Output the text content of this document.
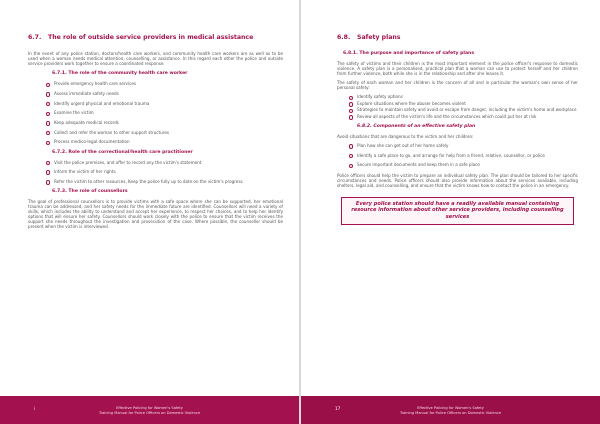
6.7. The role of outside service providers in medical assistance

In the event of any police station, doctors/health care workers, and community health care workers are as well as to be used when a woman needs medical attention, counselling, or assistance. In this regard each other the police and outside service providers work together to ensure a coordinated response.

6.7.1. The role of the community health care worker
Provide emergency health care services
Assess immediate safety needs
Identify urgent physical and emotional trauma
Examine the victim
Keep adequate medical records
Collect and refer the woman to other support structures
Process medico-legal documentation
6.7.2. Role of the correctional/health care practitioner
Visit the police premises, and offer to record any the victim's statement
Inform the victim of her rights
Refer the victim to other resources, Keep the police fully up to date on the victim's progress
6.7.3. The role of counsellors

The goal of professional counsellors is to provide victims with a safe space where she can be supported, her emotional trauma can be addressed, and her safety needs for the immediate future are identified. Counsellors will need a variety of skills, which includes the ability to understand and accept her experience, to respect her choices, and to help her identify options that will ensure her safety. Counsellors should work closely with the police to ensure that the victim receives the support she needs throughout the investigation and prosecution of the case. Where possible, the counsellor should be present when the victim is interviewed.

i	Effective Policing for Women's Safety
Training Manual for Police Officers on Domestic Violence
6.8. Safety plans
6.8.1. The purpose and importance of safety plans

The safety of victims and their children is the most important element in the police officer's response to domestic violence. A safety plan is a personalised, practical plan that a woman can use to protect herself and her children from further violence, both while she is in the relationship and after she leaves it.

The safety of each woman and her children is the concern of all and in particular the woman's own sense of her personal safety:

Identify safety options
Explore situations where the abuser becomes violent
Strategies to maintain safety and avoid or escape from danger, including the victim's home and workplace
Review all aspects of the victim's life and the circumstances which could put her at risk
6.8.2. Components of an effective safety plan

Avoid situations that are dangerous to the victim and her children:

Plan how she can get out of her home safely
Identify a safe place to go, and arrange for help from a friend, relative, counsellor, or police
Secure important documents and keep them in a safe place

Police officers should help the victim to prepare an individual safety plan. The plan should be tailored to her specific circumstances and needs. Police officers should also provide information about the services available, including shelters, legal aid, and counselling, and ensure that the victim knows how to contact the police in an emergency.

Every police station should have a readily available manual containing resource information about other service providers, including counselling services
17	Effective Policing for Women's Safety
Training Manual for Police Officers on Domestic Violence
